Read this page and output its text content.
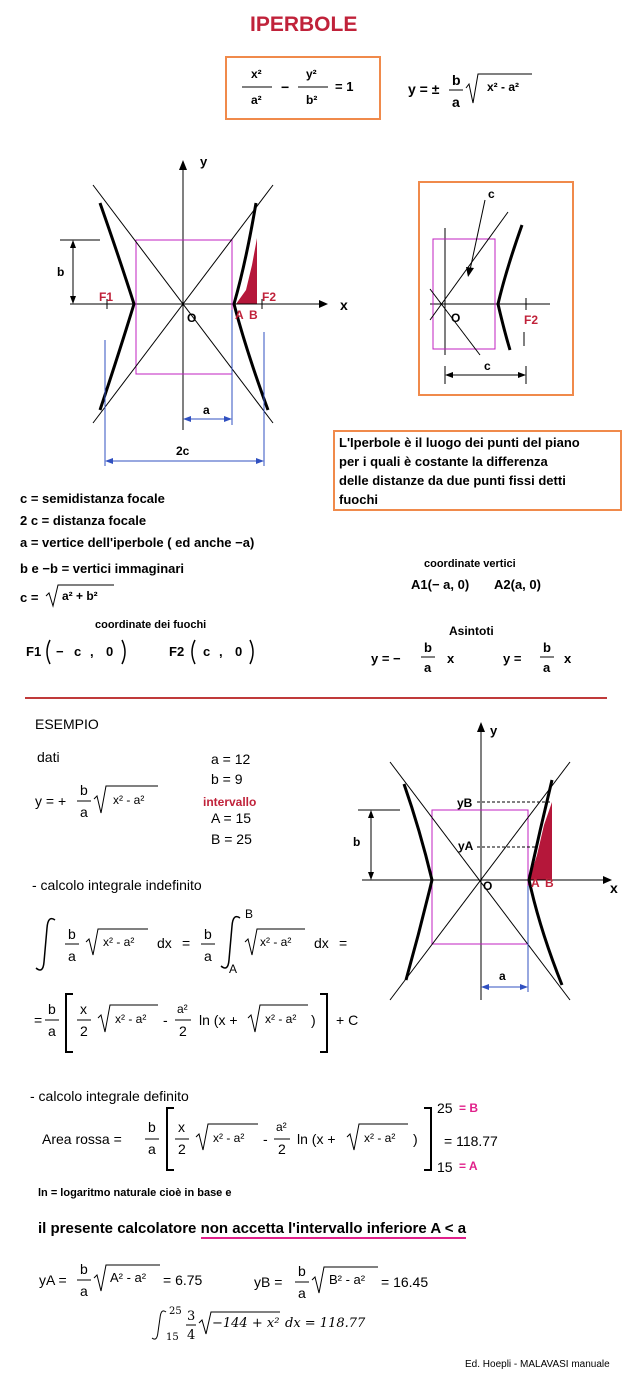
IPERBOLE
x²
a²
−
y²
b²
= 1	y = ±
b
a
x² - a²
y
x
b
F1	F2
O	A B
a
2c
c
O	F2
c
L'Iperbole è il luogo dei punti del piano
per i quali è costante la differenza
delle distanze da due punti fissi detti
fuochi
c = semidistanza focale
2 c = distanza focale
a = vertice dell'iperbole ( ed anche −a)
b e −b = vertici immaginari
c = a² + b²
coordinate vertici
A1(− a, 0) A2(a, 0)
coordinate dei fuochi
F1 − c , 0	F2 c , 0
Asintoti
y = −
b
a
x	y =
b
a
x
ESEMPIO
dati	a = 12
b = 9
intervallo
A = 15
B = 25
y = +
b
a
x² - a²
- calcolo integrale indefinito
b
a
x² - a² dx =
b
a
B
A
x² - a² dx =
=
b
a
x
2
x² - a² -
a²
2
ln (x + x² - a² ) + C
- calcolo integrale definito
Area rossa =
b
a
x
2
x² - a² -
a²
2
ln (x + x² - a² )
25 = B
= 118.77
15 = A
ln = logaritmo naturale cioè in base e
il presente calcolatore non accetta l'intervallo inferiore A < a
yA =
b
a
A² - a² = 6.75	yB =
b
a
B² - a² = 16.45
25
15
3
4
−144 + x² dx = 118.77
y
x
yB
yA
b
O	A B
a
Ed. Hoepli - MALAVASI manuale
